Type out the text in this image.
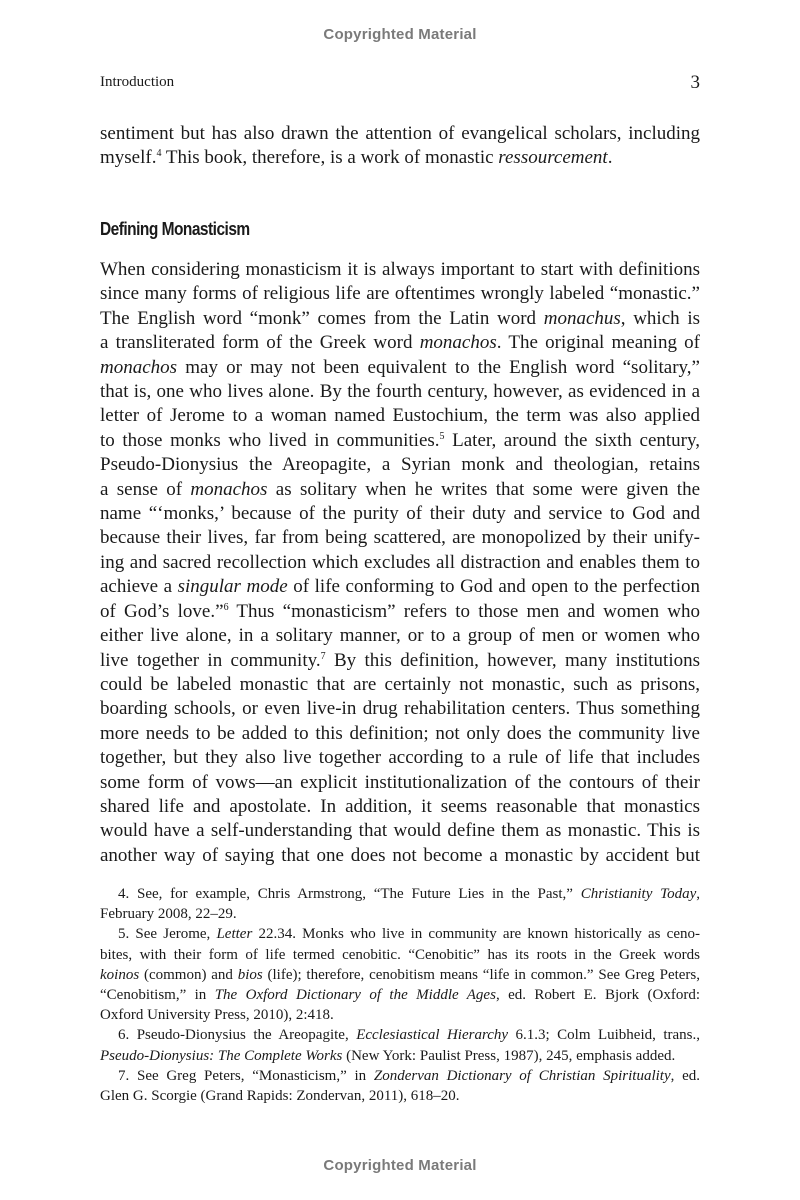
Copyrighted Material
Introduction	3
sentiment but has also drawn the attention of evangelical scholars, including
myself.$^4$ This book, therefore, is a work of monastic ressourcement.
Defining Monasticism
When considering monasticism it is always important to start with definitions
since many forms of religious life are oftentimes wrongly labeled “monastic.”
The English word “monk” comes from the Latin word monachus, which is
a transliterated form of the Greek word monachos. The original meaning of
monachos may or may not been equivalent to the English word “solitary,”
that is, one who lives alone. By the fourth century, however, as evidenced in a
letter of Jerome to a woman named Eustochium, the term was also applied
to those monks who lived in communities.$^5$ Later, around the sixth century,
Pseudo-Dionysius the Areopagite, a Syrian monk and theologian, retains
a sense of monachos as solitary when he writes that some were given the
name “‘monks,’ because of the purity of their duty and service to God and
because their lives, far from being scattered, are monopolized by their unify-
ing and sacred recollection which excludes all distraction and enables them to
achieve a singular mode of life conforming to God and open to the perfection
of God’s love.”$^6$ Thus “monasticism” refers to those men and women who
either live alone, in a solitary manner, or to a group of men or women who
live together in community.$^7$ By this definition, however, many institutions
could be labeled monastic that are certainly not monastic, such as prisons,
boarding schools, or even live-in drug rehabilitation centers. Thus something
more needs to be added to this definition; not only does the community live
together, but they also live together according to a rule of life that includes
some form of vows—an explicit institutionalization of the contours of their
shared life and apostolate. In addition, it seems reasonable that monastics
would have a self-understanding that would define them as monastic. This is
another way of saying that one does not become a monastic by accident but
4. See, for example, Chris Armstrong, “The Future Lies in the Past,” Christianity Today,
February 2008, 22–29.
5. See Jerome, Letter 22.34. Monks who live in community are known historically as ceno-
bites, with their form of life termed cenobitic. “Cenobitic” has its roots in the Greek words
koinos (common) and bios (life); therefore, cenobitism means “life in common.” See Greg Peters,
“Cenobitism,” in The Oxford Dictionary of the Middle Ages, ed. Robert E. Bjork (Oxford:
Oxford University Press, 2010), 2:418.
6. Pseudo-Dionysius the Areopagite, Ecclesiastical Hierarchy 6.1.3; Colm Luibheid, trans.,
Pseudo-Dionysius: The Complete Works (New York: Paulist Press, 1987), 245, emphasis added.
7. See Greg Peters, “Monasticism,” in Zondervan Dictionary of Christian Spirituality, ed.
Glen G. Scorgie (Grand Rapids: Zondervan, 2011), 618–20.
Copyrighted Material
